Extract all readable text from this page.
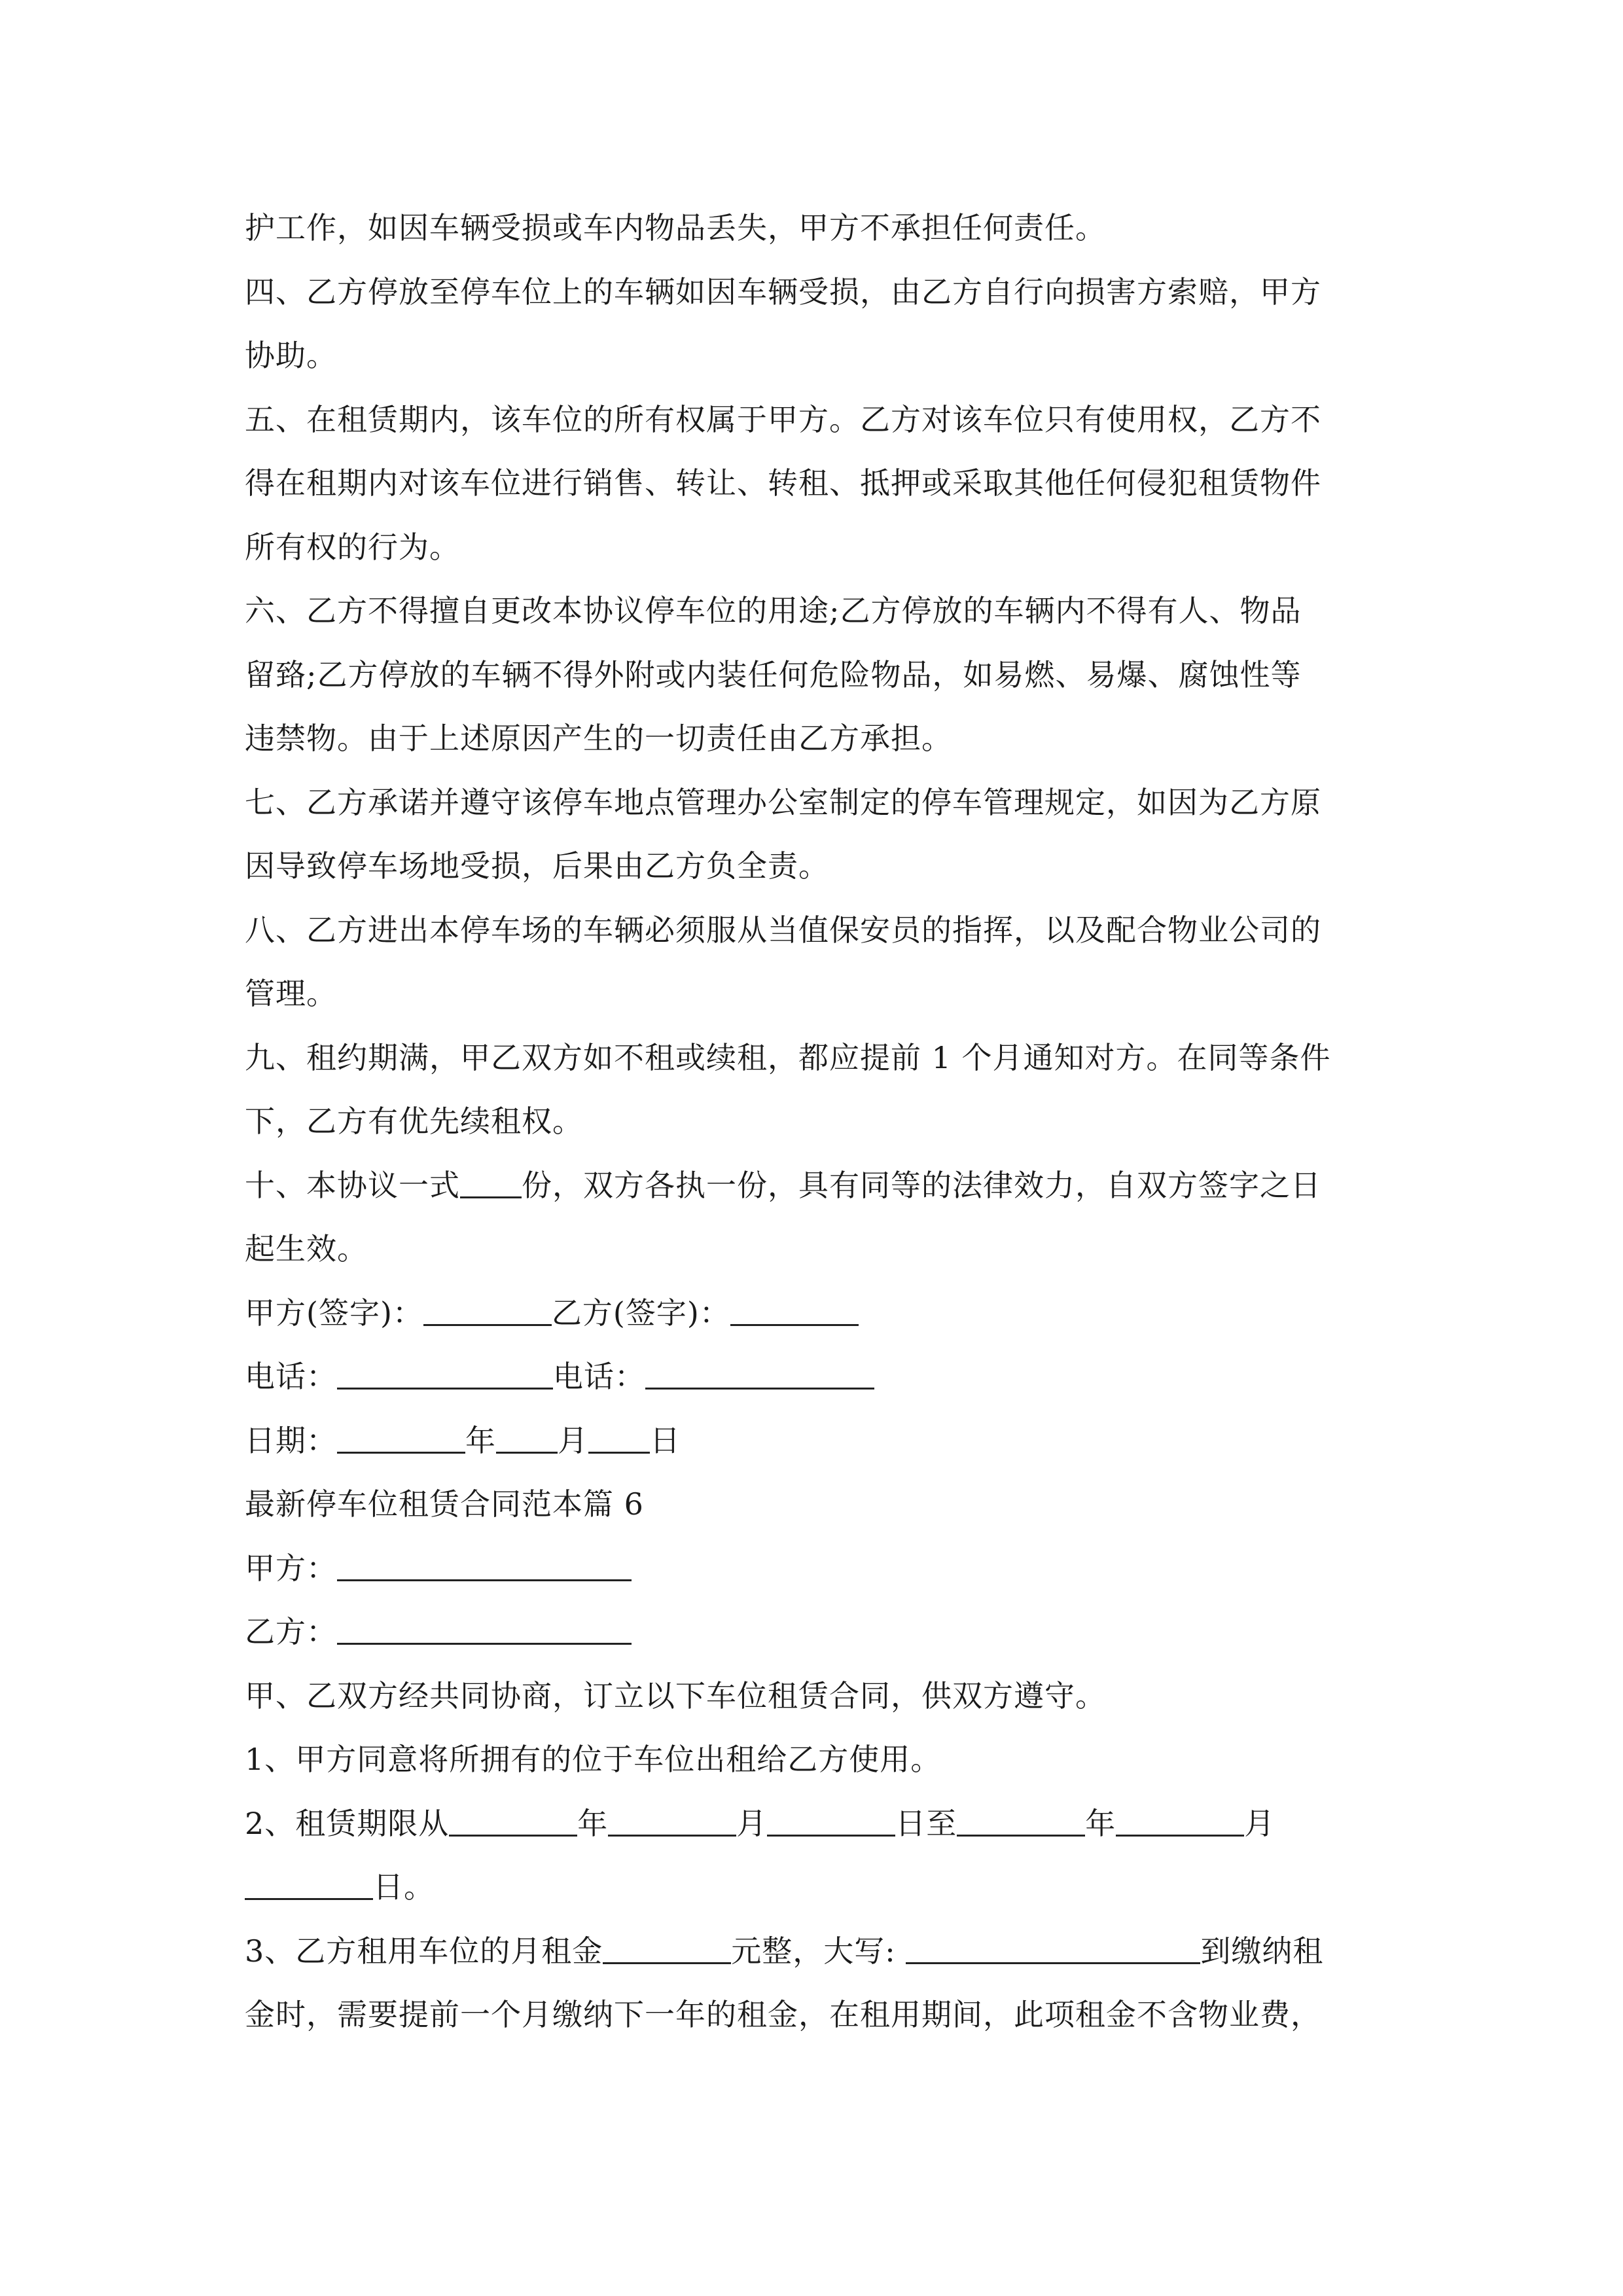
护工作，如因车辆受损或车内物品丢失，甲方不承担任何责任。
四、乙方停放至停车位上的车辆如因车辆受损，由乙方自行向损害方索赔，甲方
协助。
五、在租赁期内，该车位的所有权属于甲方。乙方对该车位只有使用权，乙方不
得在租期内对该车位进行销售、转让、转租、抵押或采取其他任何侵犯租赁物件
所有权的行为。
六、乙方不得擅自更改本协议停车位的用途;乙方停放的车辆内不得有人、物品
留臵;乙方停放的车辆不得外附或内装任何危险物品，如易燃、易爆、腐蚀性等
违禁物。由于上述原因产生的一切责任由乙方承担。
七、乙方承诺并遵守该停车地点管理办公室制定的停车管理规定，如因为乙方原
因导致停车场地受损，后果由乙方负全责。
八、乙方进出本停车场的车辆必须服从当值保安员的指挥，以及配合物业公司的
管理。
九、租约期满，甲乙双方如不租或续租，都应提前 1 个月通知对方。在同等条件
下，乙方有优先续租权。
十、本协议一式 份，双方各执一份，具有同等的法律效力，自双方签字之日
起生效。
甲方(签字)：	乙方(签字)：
电话：	电话：
日期：	年 月 日
最新停车位租赁合同范本篇 6
甲方：
乙方：
甲、乙双方经共同协商，订立以下车位租赁合同，供双方遵守。
1、甲方同意将所拥有的位于车位出租给乙方使用。
2、租赁期限从	年	月	日至	年	月
日。
3、乙方租用车位的月租金	元整，大写:	到缴纳租
金时，需要提前一个月缴纳下一年的租金，在租用期间，此项租金不含物业费，
